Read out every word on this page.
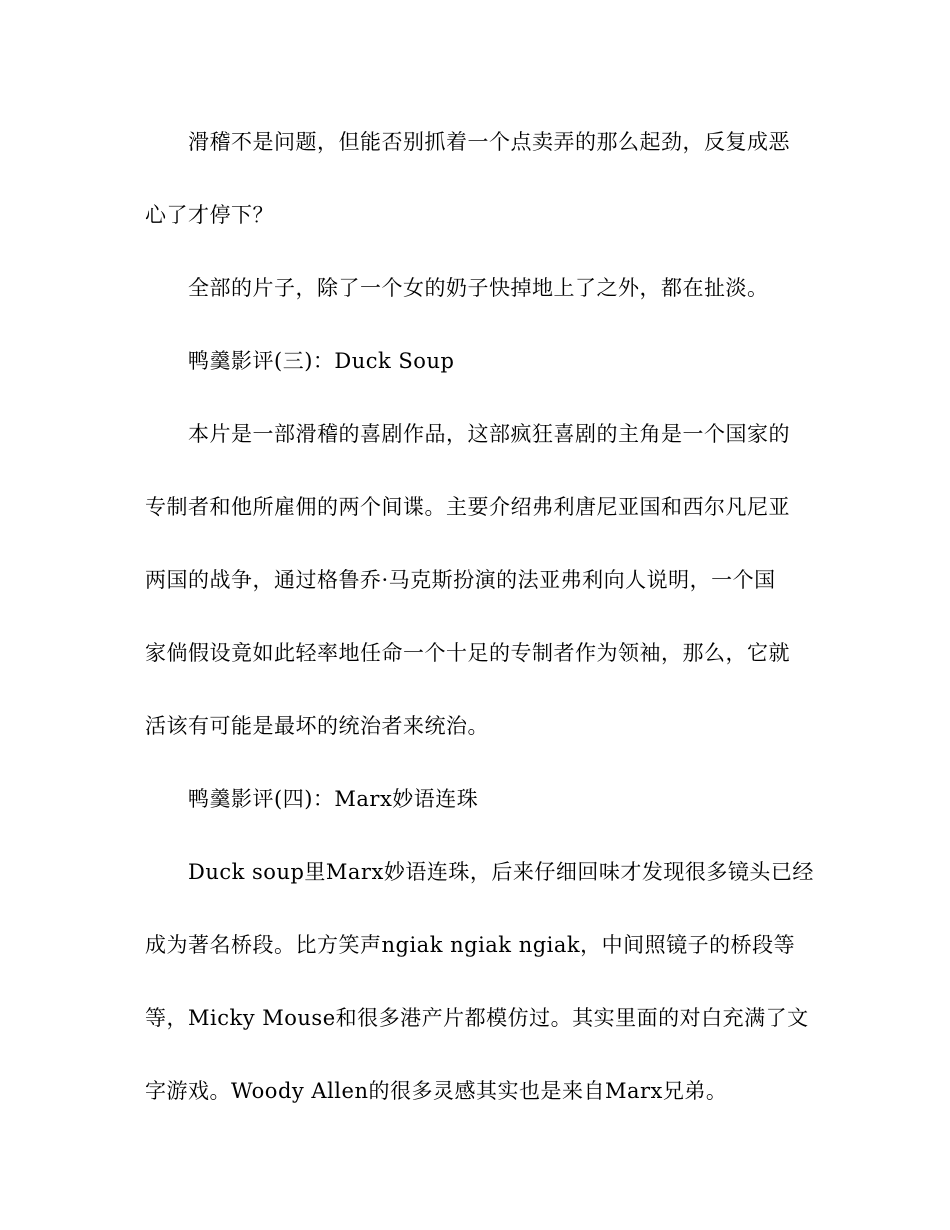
滑稽不是问题，但能否别抓着一个点卖弄的那么起劲，反复成恶
心了才停下？
全部的片子，除了一个女的奶子快掉地上了之外，都在扯淡。
鸭羹影评(三)：Duck Soup
本片是一部滑稽的喜剧作品，这部疯狂喜剧的主角是一个国家的
专制者和他所雇佣的两个间谍。主要介绍弗利唐尼亚国和西尔凡尼亚
两国的战争，通过格鲁乔·马克斯扮演的法亚弗利向人说明，一个国
家倘假设竟如此轻率地任命一个十足的专制者作为领袖，那么，它就
活该有可能是最坏的统治者来统治。
鸭羹影评(四)：Marx妙语连珠
Duck soup里Marx妙语连珠，后来仔细回味才发现很多镜头已经
成为著名桥段。比方笑声ngiak ngiak ngiak，中间照镜子的桥段等
等，Micky Mouse和很多港产片都模仿过。其实里面的对白充满了文
字游戏。Woody Allen的很多灵感其实也是来自Marx兄弟。
